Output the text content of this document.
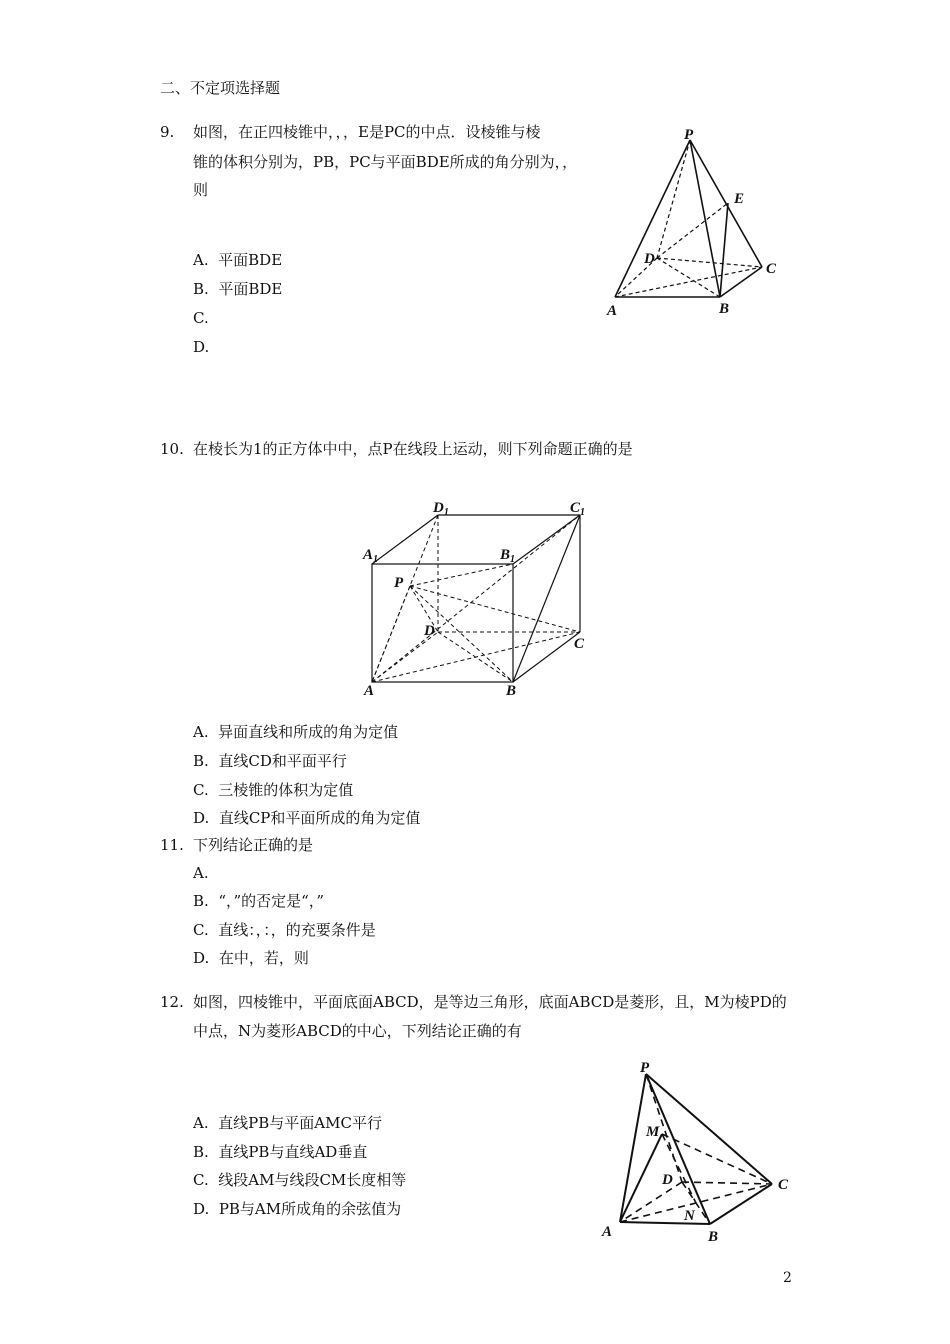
二、不定项选择题
9. 如图，在正四棱锥中，，，E是PC的中点．设棱锥与棱
锥的体积分别为，PB，PC与平面BDE所成的角分别为，，
则
A. 平面BDE
B. 平面BDE
C.
D.
P
E
D
C
A	B
10. 在棱长为1的正方体中中，点P在线段上运动，则下列命题正确的是
$D_1$	$C_1$
$A_1$	$B_1$
P
D
C
A	B
A. 异面直线和所成的角为定值
B. 直线CD和平面平行
C. 三棱锥的体积为定值
D. 直线CP和平面所成的角为定值
11. 下列结论正确的是
A.
B. “，”的否定是“，”
C. 直线：，：，的充要条件是
D. 在中，若，则
12. 如图，四棱锥中，平面底面ABCD，是等边三角形，底面ABCD是菱形，且，M为棱PD的
中点，N为菱形ABCD的中心，下列结论正确的有
A. 直线PB与平面AMC平行
B. 直线PB与直线AD垂直
C. 线段AM与线段CM长度相等
D. PB与AM所成角的余弦值为
P
M
D	C
N
A	B
2
